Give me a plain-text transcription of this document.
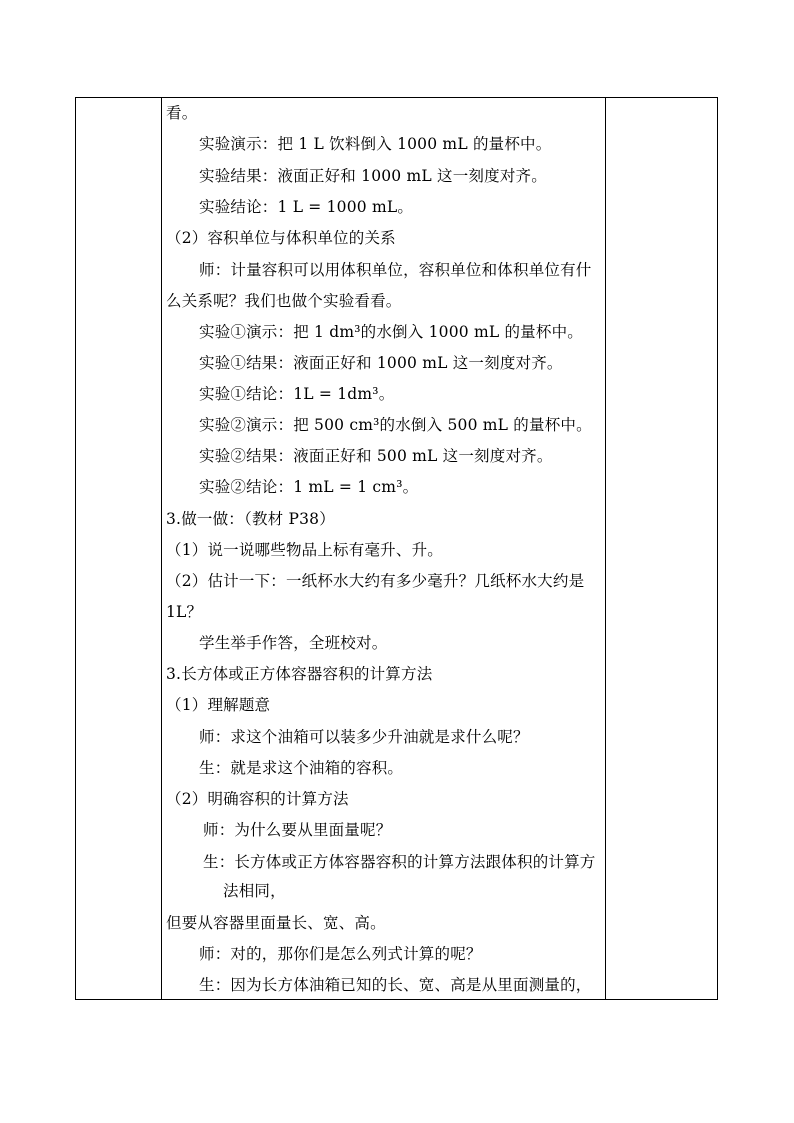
看。
实验演示：把 1 L 饮料倒入 1000 mL 的量杯中。
实验结果：液面正好和 1000 mL 这一刻度对齐。
实验结论：1 L = 1000 mL。
（2）容积单位与体积单位的关系
师：计量容积可以用体积单位，容积单位和体积单位有什
么关系呢？我们也做个实验看看。
实验①演示：把 1 dm³的水倒入 1000 mL 的量杯中。
实验①结果：液面正好和 1000 mL 这一刻度对齐。
实验①结论：1L = 1dm³。
实验②演示：把 500 cm³的水倒入 500 mL 的量杯中。
实验②结果：液面正好和 500 mL 这一刻度对齐。
实验②结论：1 mL = 1 cm³。
3.做一做：（教材 P38）
（1）说一说哪些物品上标有毫升、升。
（2）估计一下：一纸杯水大约有多少毫升？几纸杯水大约是
1L？
学生举手作答，全班校对。
3.长方体或正方体容器容积的计算方法
（1）理解题意
师：求这个油箱可以装多少升油就是求什么呢？
生：就是求这个油箱的容积。
（2）明确容积的计算方法
师：为什么要从里面量呢？
生：长方体或正方体容器容积的计算方法跟体积的计算方
法相同，
但要从容器里面量长、宽、高。
师：对的，那你们是怎么列式计算的呢？
生：因为长方体油箱已知的长、宽、高是从里面测量的，
